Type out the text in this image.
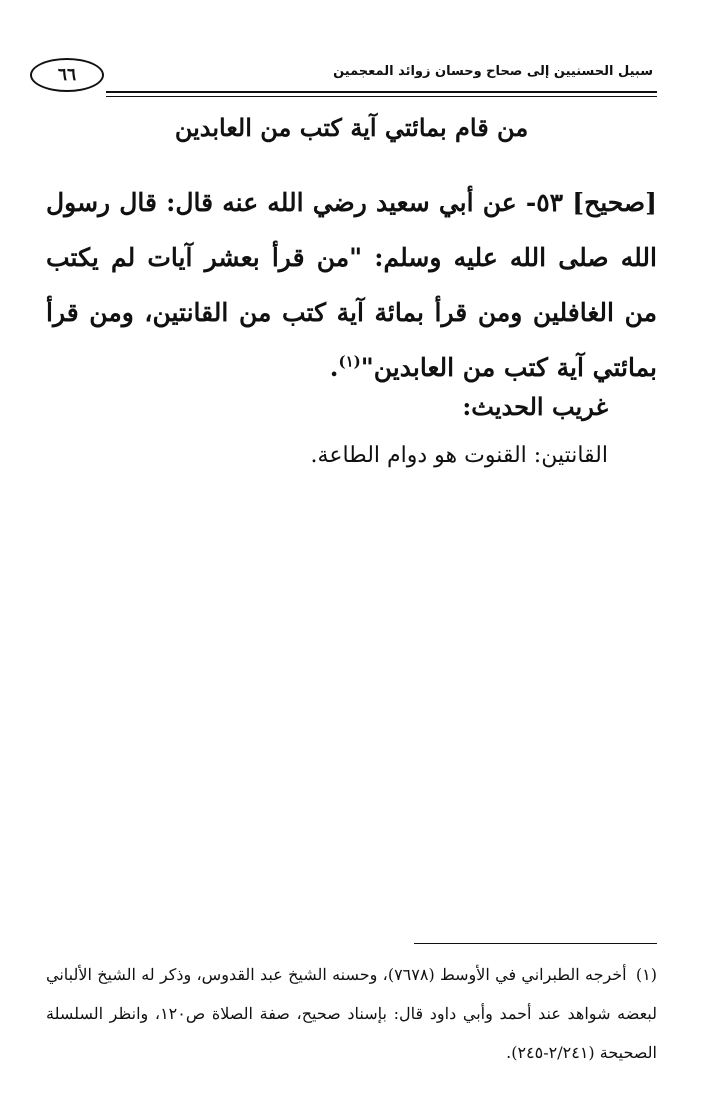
٦٦	سبيل الحسنيين إلى صحاح وحسان زوائد المعجمين
من قام بمائتي آية كتب من العابدين
[صحيح] ٥٣- عن أبي سعيد رضي الله عنه قال: قال رسول الله صلى الله عليه وسلم: "من قرأ بعشر آيات لم يكتب من الغافلين ومن قرأ بمائة آية كتب من القانتين، ومن قرأ بمائتي آية كتب من العابدين"$^{(١)}$.
غريب الحديث:
القانتين: القنوت هو دوام الطاعة.
(١) أخرجه الطبراني في الأوسط (٧٦٧٨)، وحسنه الشيخ عبد القدوس، وذكر له الشيخ الألباني لبعضه شواهد عند أحمد وأبي داود قال: بإسناد صحيح، صفة الصلاة ص١٢٠، وانظر السلسلة الصحيحة (٢/٢٤١-٢٤٥).
